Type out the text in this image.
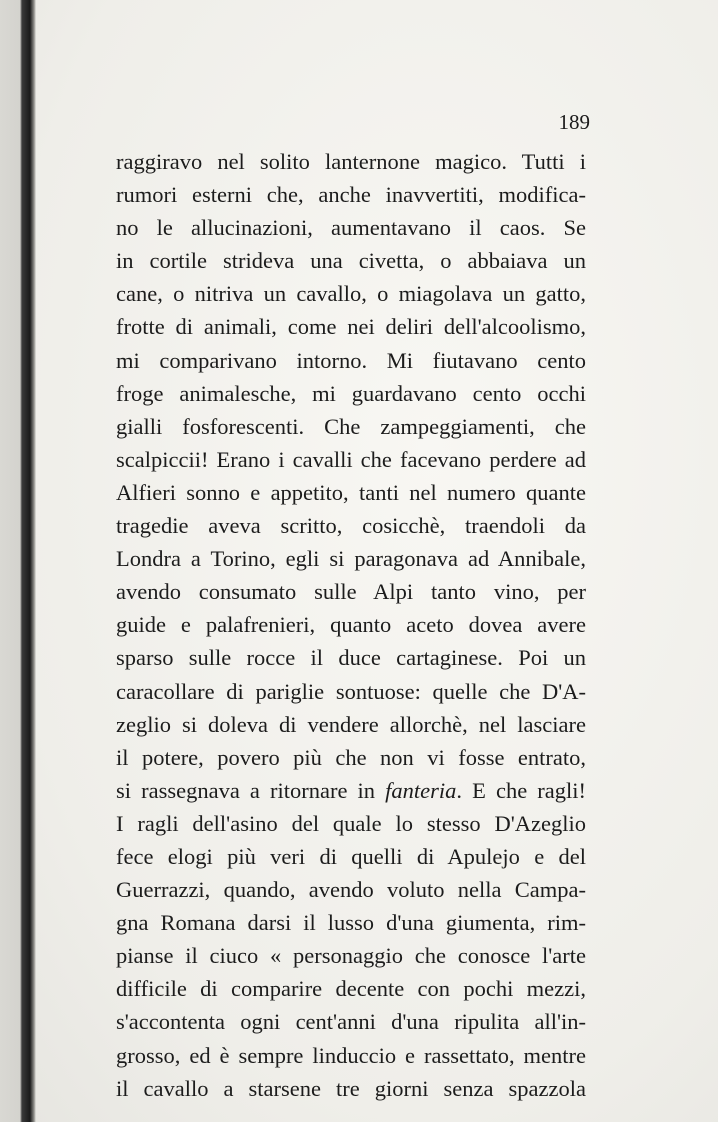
189
raggiravo nel solito lanternone magico. Tutti i
rumori esterni che, anche inavvertiti, modifica-
no le allucinazioni, aumentavano il caos. Se
in cortile strideva una civetta, o abbaiava un
cane, o nitriva un cavallo, o miagolava un gatto,
frotte di animali, come nei deliri dell'alcoolismo,
mi comparivano intorno. Mi fiutavano cento
froge animalesche, mi guardavano cento occhi
gialli fosforescenti. Che zampeggiamenti, che
scalpiccii! Erano i cavalli che facevano perdere ad
Alfieri sonno e appetito, tanti nel numero quante
tragedie aveva scritto, cosicchè, traendoli da
Londra a Torino, egli si paragonava ad Annibale,
avendo consumato sulle Alpi tanto vino, per
guide e palafrenieri, quanto aceto dovea avere
sparso sulle rocce il duce cartaginese. Poi un
caracollare di pariglie sontuose: quelle che D'A-
zeglio si doleva di vendere allorchè, nel lasciare
il potere, povero più che non vi fosse entrato,
si rassegnava a ritornare in fanteria. E che ragli!
I ragli dell'asino del quale lo stesso D'Azeglio
fece elogi più veri di quelli di Apulejo e del
Guerrazzi, quando, avendo voluto nella Campa-
gna Romana darsi il lusso d'una giumenta, rim-
pianse il ciuco « personaggio che conosce l'arte
difficile di comparire decente con pochi mezzi,
s'accontenta ogni cent'anni d'una ripulita all'in-
grosso, ed è sempre linduccio e rassettato, mentre
il cavallo a starsene tre giorni senza spazzola
